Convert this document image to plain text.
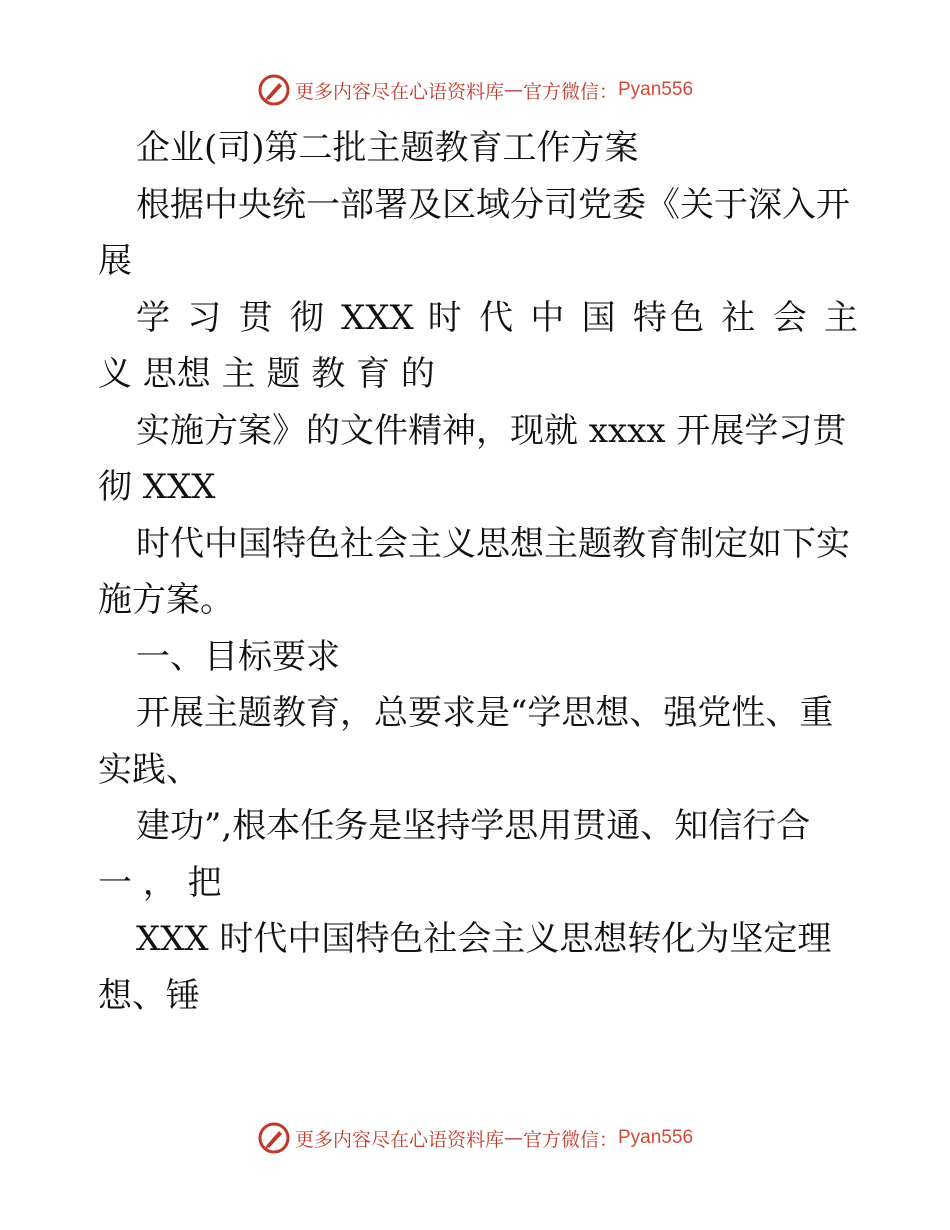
更多内容尽在心语资料库 — 官方微信： Pyan556
企业(司)第二批主题教育工作方案
根据中央统一部署及区域分司党委《关于深入开
展
学 习 贯 彻 XXX 时 代 中 国 特色 社 会 主
义 思想 主 题 教 育 的
实施方案》的文件精神，现就 xxxx 开展学习贯
彻 XXX
时代中国特色社会主义思想主题教育制定如下实
施方案。
一、目标要求
开展主题教育，总要求是“学思想、强党性、重
实践、
建功”,根本任务是坚持学思用贯通、知信行合
一 ， 把
XXX 时代中国特色社会主义思想转化为坚定理
想、锤
更多内容尽在心语资料库 — 官方微信： Pyan556
